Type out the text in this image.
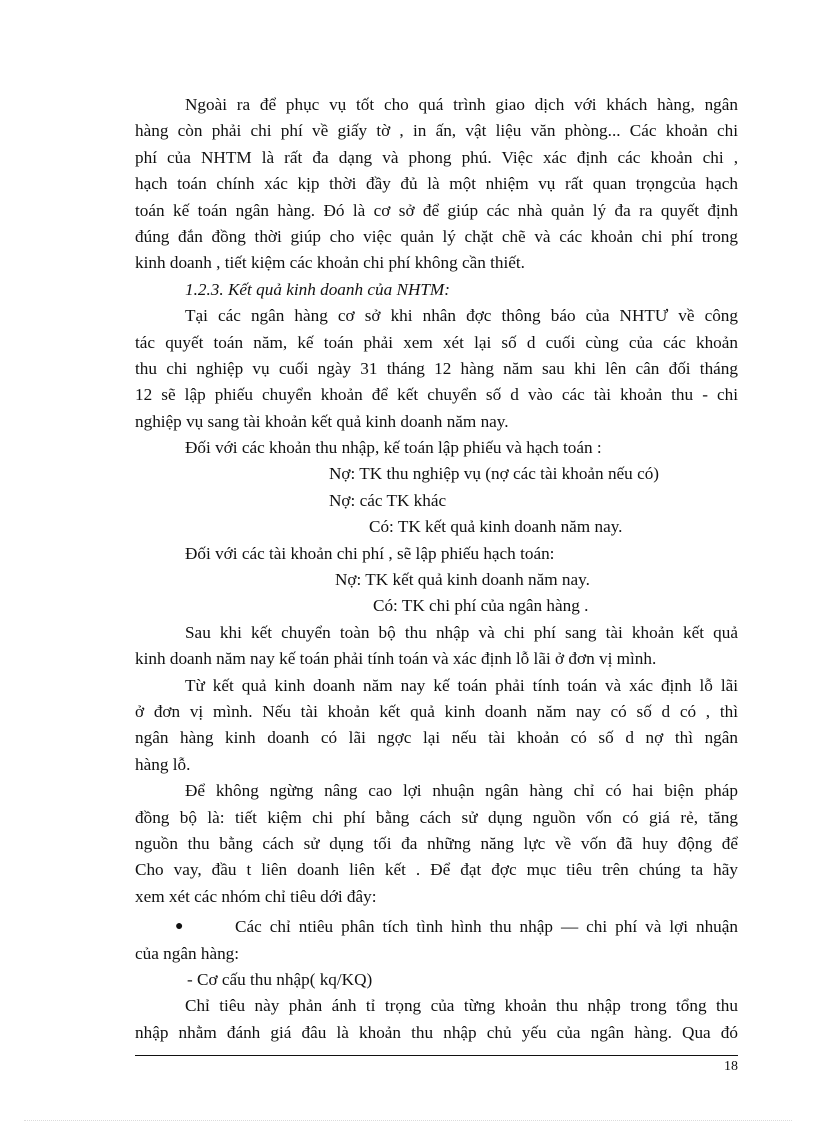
Ngoài ra để phục vụ tốt cho quá trình giao dịch với khách hàng, ngân
hàng còn phải chi phí về giấy tờ , in ấn, vật liệu văn phòng... Các khoản chi
phí của NHTM là rất đa dạng và phong phú. Việc xác định các khoản chi ,
hạch toán chính xác kịp thời đầy đủ là một nhiệm vụ rất quan trọngcủa hạch
toán kế toán ngân hàng. Đó là cơ sở để giúp các nhà quản lý đa ra quyết định
đúng đắn đồng thời giúp cho việc quản lý chặt chẽ và các khoản chi phí trong
kinh doanh , tiết kiệm các khoản chi phí không cần thiết.
1.2.3. Kết quả kinh doanh của NHTM:
Tại các ngân hàng cơ sở khi nhân đợc thông báo của NHTƯ về công
tác quyết toán năm, kế toán phải xem xét lại số d cuối cùng của các khoản
thu chi nghiệp vụ cuối ngày 31 tháng 12 hàng năm sau khi lên cân đối tháng
12 sẽ lập phiếu chuyển khoản để kết chuyển số d vào các tài khoản thu - chi
nghiệp vụ sang tài khoản kết quả kinh doanh năm nay.
Đối với các khoản thu nhập, kế toán lập phiếu và hạch toán :
Nợ: TK thu nghiệp vụ (nợ các tài khoản nếu có)
Nợ: các TK khác
Có: TK kết quả kinh doanh năm nay.
Đối với các tài khoản chi phí , sẽ lập phiếu hạch toán:
Nợ: TK kết quả kinh doanh năm nay.
Có: TK chi phí của ngân hàng .
Sau khi kết chuyển toàn bộ thu nhập và chi phí sang tài khoản kết quả
kinh doanh năm nay kế toán phải tính toán và xác định lỗ lãi ở đơn vị mình.
Từ kết quả kinh doanh năm nay kế toán phải tính toán và xác định lỗ lãi
ở đơn vị mình. Nếu tài khoản kết quả kinh doanh năm nay có số d có , thì
ngân hàng kinh doanh có lãi ngợc lại nếu tài khoản có số d nợ thì ngân
hàng lỗ.
Để không ngừng nâng cao lợi nhuận ngân hàng chỉ có hai biện pháp
đồng bộ là: tiết kiệm chi phí bằng cách sử dụng nguồn vốn có giá rẻ, tăng
nguồn thu bằng cách sử dụng tối đa những năng lực về vốn đã huy động để
Cho vay, đầu t liên doanh liên kết . Để đạt đợc mục tiêu trên chúng ta hãy
xem xét các nhóm chỉ tiêu dới đây:
●	Các chỉ ntiêu phân tích tình hình thu nhập — chi phí và lợi nhuận
của ngân hàng:
- Cơ cấu thu nhập( kq/KQ)
Chỉ tiêu này phản ánh tỉ trọng của từng khoản thu nhập trong tổng thu
nhập nhằm đánh giá đâu là khoản thu nhập chủ yếu của ngân hàng. Qua đó
18
